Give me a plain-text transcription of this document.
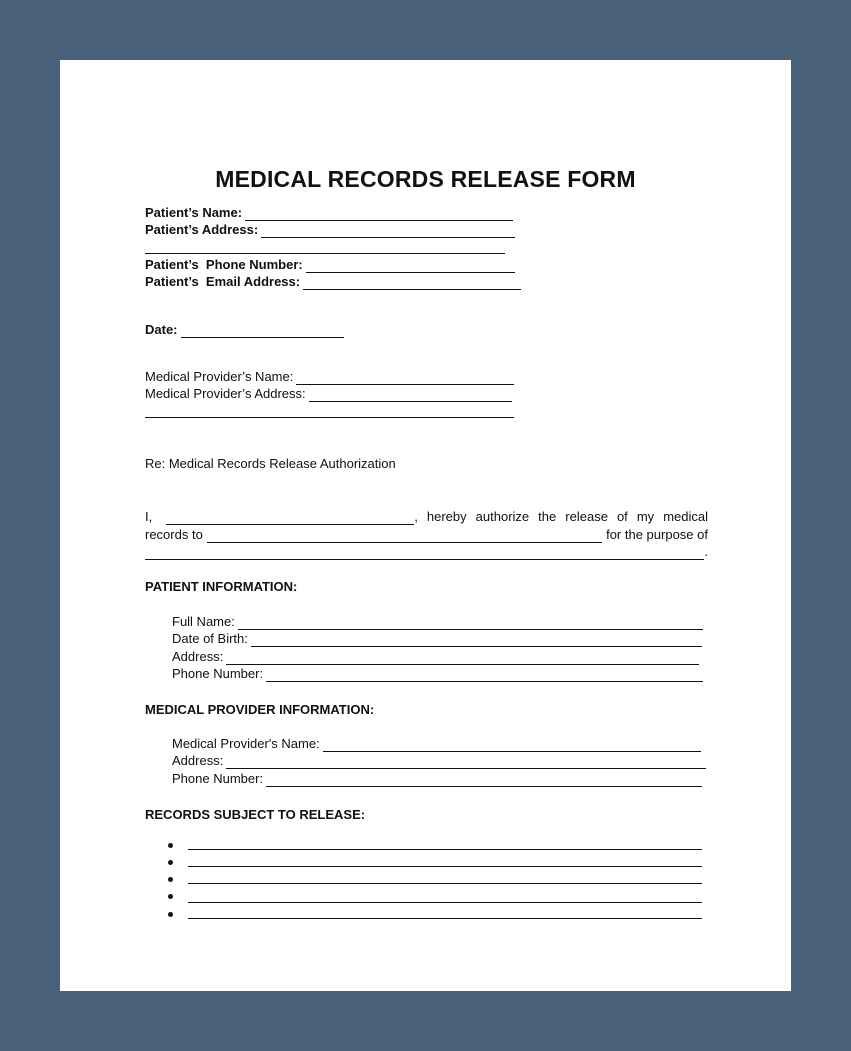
MEDICAL RECORDS RELEASE FORM
Patient’s Name:
Patient’s Address:
Patient’s  Phone Number:
Patient’s  Email Address:
Date:
Medical Provider’s Name:
Medical Provider’s Address:
Re: Medical Records Release Authorization
I,	, hereby authorize the release of my medical
records to	for the purpose of
.
PATIENT INFORMATION:
Full Name:
Date of Birth:
Address:
Phone Number:
MEDICAL PROVIDER INFORMATION:
Medical Provider's Name:
Address:
Phone Number:
RECORDS SUBJECT TO RELEASE:
